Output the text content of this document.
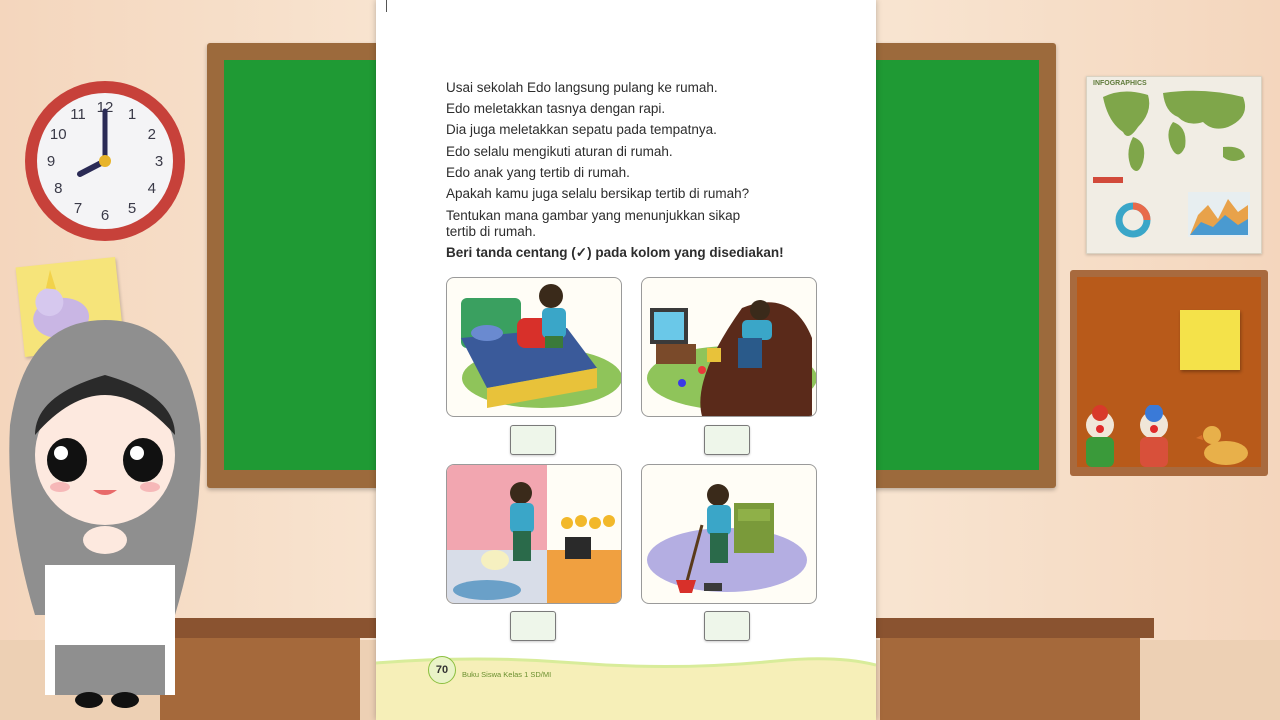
12 1
2
3
4
5
6
7
8
9
10
11
INFOGRAPHICS
Usai sekolah Edo langsung pulang ke rumah.
Edo meletakkan tasnya dengan rapi.
Dia juga meletakkan sepatu pada tempatnya.
Edo selalu mengikuti aturan di rumah.
Edo anak yang tertib di rumah.
Apakah kamu juga selalu bersikap tertib di rumah?
Tentukan mana gambar yang menunjukkan sikap
tertib di rumah.
Beri tanda centang (✓) pada kolom yang disediakan!
70	Buku Siswa Kelas 1 SD/MI
